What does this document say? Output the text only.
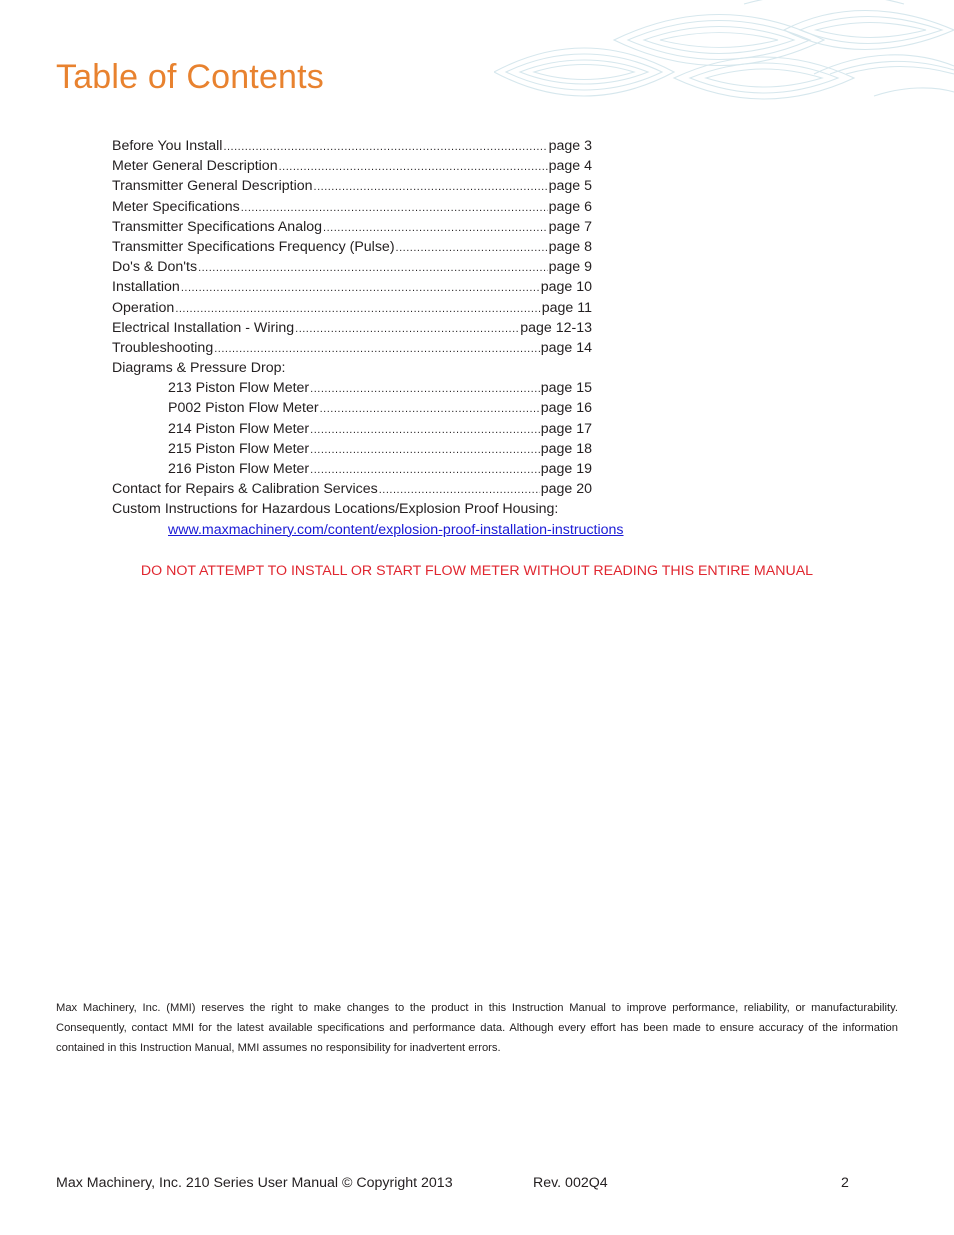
Table of Contents
Before You Install .....	page 3
Meter General Description .....	page 4
Transmitter General Description .....	page 5
Meter Specifications .....	page 6
Transmitter Specifications Analog .....	page 7
Transmitter Specifications Frequency (Pulse) .....	page 8
Do's & Don'ts .....	page 9
Installation .....	page 10
Operation .....	page 11
Electrical Installation - Wiring .....	page 12-13
Troubleshooting .....	page 14
Diagrams & Pressure Drop:
213 Piston Flow Meter .....	page 15
P002 Piston Flow Meter .....	page 16
214 Piston Flow Meter .....	page 17
215 Piston Flow Meter .....	page 18
216 Piston Flow Meter .....	page 19
Contact for Repairs & Calibration Services .....	page 20
Custom Instructions for Hazardous Locations/Explosion Proof Housing:
www.maxmachinery.com/content/explosion-proof-installation-instructions
DO NOT ATTEMPT TO INSTALL OR START FLOW METER WITHOUT READING THIS ENTIRE MANUAL
Max Machinery, Inc. (MMI) reserves the right to make changes to the product in this Instruction Manual to improve performance, reliability, or manufacturability. Consequently, contact MMI for the latest available specifications and performance data. Although every effort has been made to ensure accuracy of the information contained in this Instruction Manual, MMI assumes no responsibility for inadvertent errors.
Max Machinery, Inc. 210 Series User Manual © Copyright 2013	Rev. 002Q4	2
